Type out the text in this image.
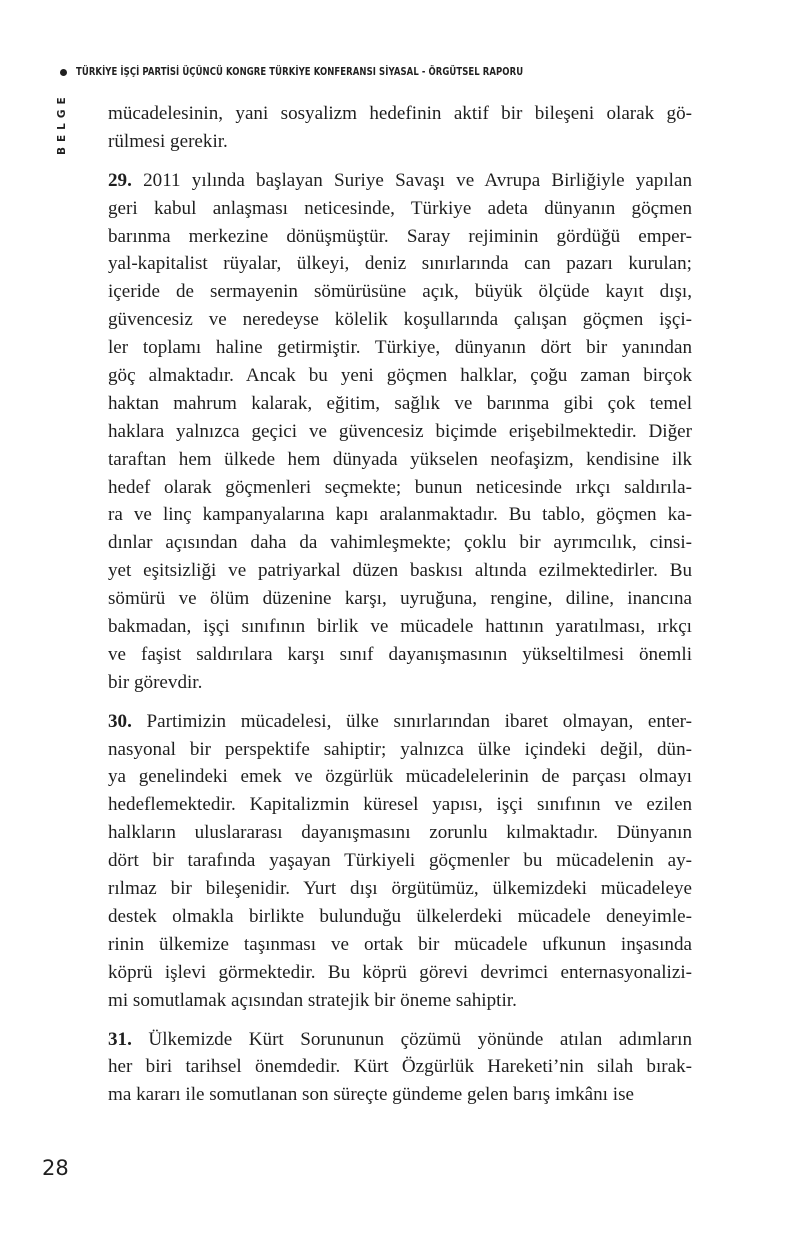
TÜRKİYE İŞÇİ PARTİSİ ÜÇÜNCÜ KONGRE TÜRKİYE KONFERANSI SİYASAL - ÖRGÜTSEL RAPORU
BELGE mücadelesinin, yani sosyalizm hedefinin aktif bir bileşeni olarak gö-
rülmesi gerekir.
29. 2011 yılında başlayan Suriye Savaşı ve Avrupa Birliğiyle yapılan
geri kabul anlaşması neticesinde, Türkiye adeta dünyanın göçmen
barınma merkezine dönüşmüştür. Saray rejiminin gördüğü emper-
yal-kapitalist rüyalar, ülkeyi, deniz sınırlarında can pazarı kurulan;
içeride de sermayenin sömürüsüne açık, büyük ölçüde kayıt dışı,
güvencesiz ve neredeyse kölelik koşullarında çalışan göçmen işçi-
ler toplamı haline getirmiştir. Türkiye, dünyanın dört bir yanından
göç almaktadır. Ancak bu yeni göçmen halklar, çoğu zaman birçok
haktan mahrum kalarak, eğitim, sağlık ve barınma gibi çok temel
haklara yalnızca geçici ve güvencesiz biçimde erişebilmektedir. Diğer
taraftan hem ülkede hem dünyada yükselen neofaşizm, kendisine ilk
hedef olarak göçmenleri seçmekte; bunun neticesinde ırkçı saldırıla-
ra ve linç kampanyalarına kapı aralanmaktadır. Bu tablo, göçmen ka-
dınlar açısından daha da vahimleşmekte; çoklu bir ayrımcılık, cinsi-
yet eşitsizliği ve patriyarkal düzen baskısı altında ezilmektedirler. Bu
sömürü ve ölüm düzenine karşı, uyruğuna, rengine, diline, inancına
bakmadan, işçi sınıfının birlik ve mücadele hattının yaratılması, ırkçı
ve faşist saldırılara karşı sınıf dayanışmasının yükseltilmesi önemli
bir görevdir.
30. Partimizin mücadelesi, ülke sınırlarından ibaret olmayan, enter-
nasyonal bir perspektife sahiptir; yalnızca ülke içindeki değil, dün-
ya genelindeki emek ve özgürlük mücadelelerinin de parçası olmayı
hedeflemektedir. Kapitalizmin küresel yapısı, işçi sınıfının ve ezilen
halkların uluslararası dayanışmasını zorunlu kılmaktadır. Dünyanın
dört bir tarafında yaşayan Türkiyeli göçmenler bu mücadelenin ay-
rılmaz bir bileşenidir. Yurt dışı örgütümüz, ülkemizdeki mücadeleye
destek olmakla birlikte bulunduğu ülkelerdeki mücadele deneyimle-
rinin ülkemize taşınması ve ortak bir mücadele ufkunun inşasında
köprü işlevi görmektedir. Bu köprü görevi devrimci enternasyonalizi-
mi somutlamak açısından stratejik bir öneme sahiptir.
31. Ülkemizde Kürt Sorununun çözümü yönünde atılan adımların
her biri tarihsel önemdedir. Kürt Özgürlük Hareketi’nin silah bırak-
ma kararı ile somutlanan son süreçte gündeme gelen barış imkânı ise
28
